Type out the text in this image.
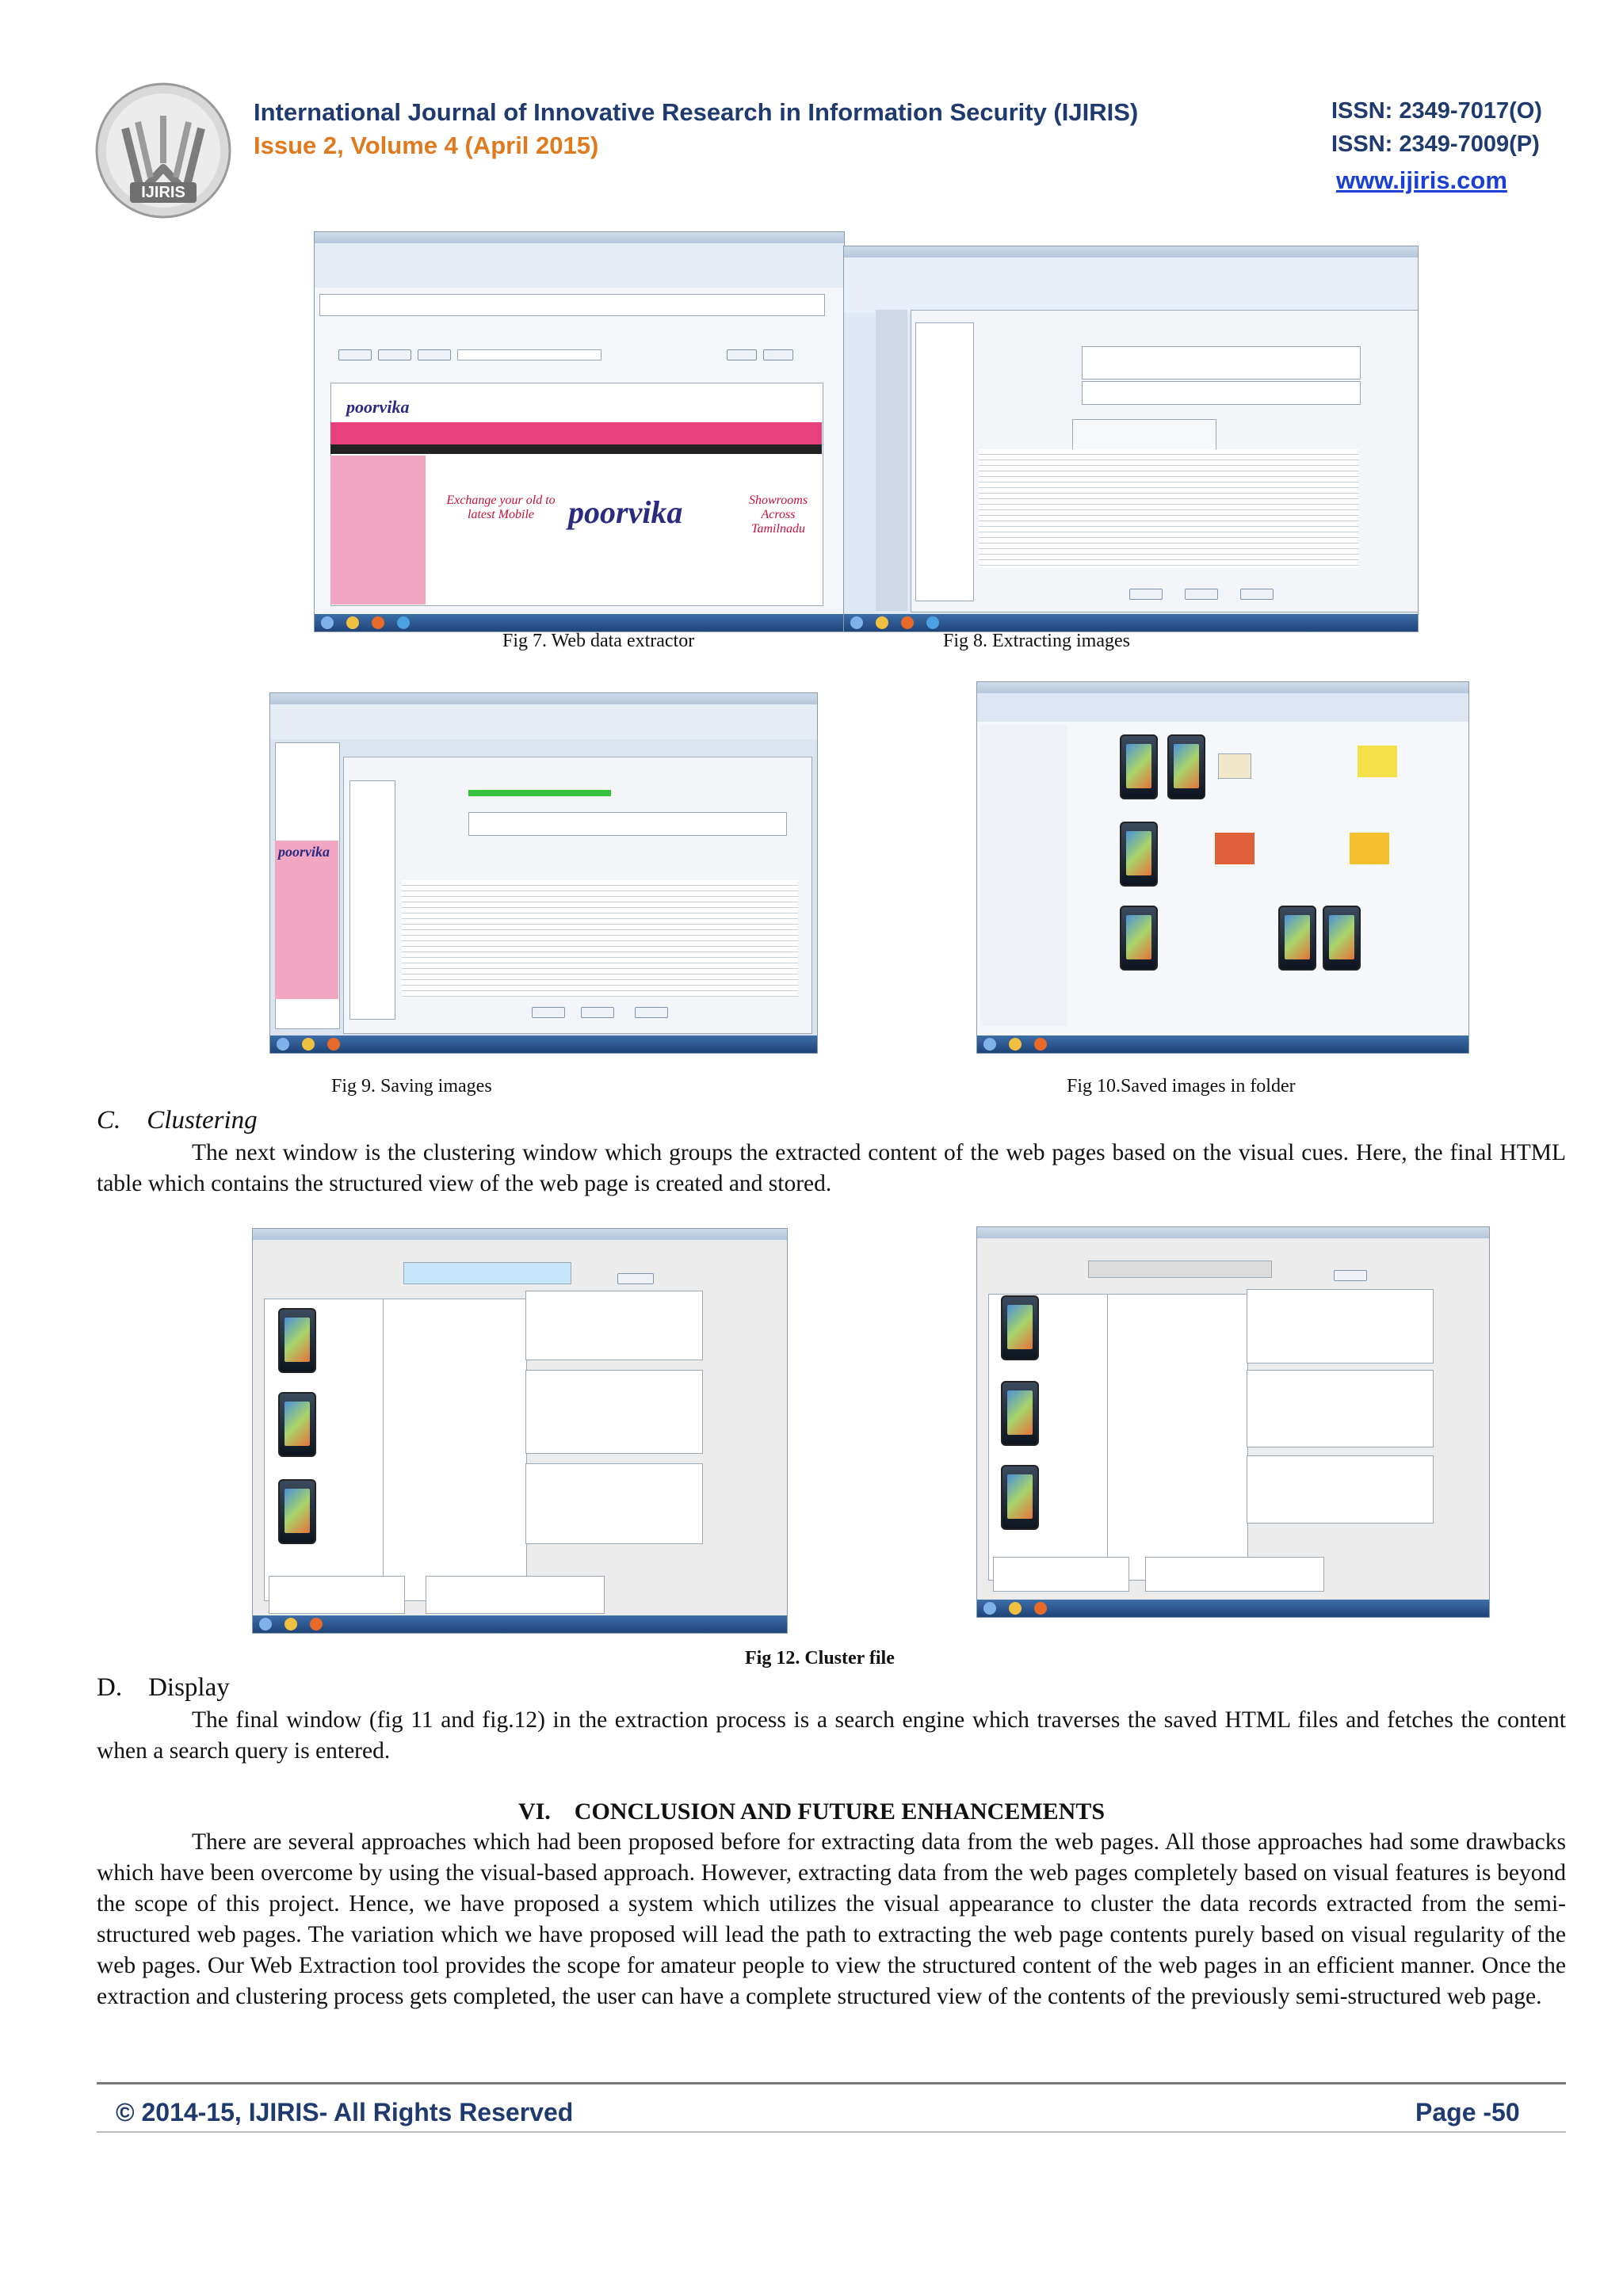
IJIRIS
International Journal of Innovative Research in Information Security (IJIRIS)
Issue 2, Volume 4 (April 2015)
ISSN: 2349-7017(O)
ISSN: 2349-7009(P)
www.ijiris.com
poorvika
Exchange your old to latest Mobile	poorvika	Showrooms Across Tamilnadu
Fig 7. Web data extractor	Fig 8. Extracting images
poorvika
Fig 9. Saving images	Fig 10.Saved images in folder
C.    Clustering
The next window is the clustering window which groups the extracted content of the web pages based on the visual cues. Here, the final HTML table which contains the structured view of the web page is created and stored.
Fig 12. Cluster file
D.    Display
The final window (fig 11 and fig.12) in the extraction process is a search engine which traverses the saved HTML files and fetches the content when a search query is entered.
VI.    CONCLUSION AND FUTURE ENHANCEMENTS
There are several approaches which had been proposed before for extracting data from the web pages. All those approaches had some drawbacks which have been overcome by using the visual-based approach. However, extracting data from the web pages completely based on visual features is beyond the scope of this project. Hence, we have proposed a system which utilizes the visual appearance to cluster the data records extracted from the semi-structured web pages. The variation which we have proposed will lead the path to extracting the web page contents purely based on visual regularity of the web pages. Our Web Extraction tool provides the scope for amateur people to view the structured content of the web pages in an efficient manner. Once the extraction and clustering process gets completed, the user can have a complete structured view of the contents of the previously semi-structured web page.
© 2014-15, IJIRIS- All Rights Reserved	Page -50
